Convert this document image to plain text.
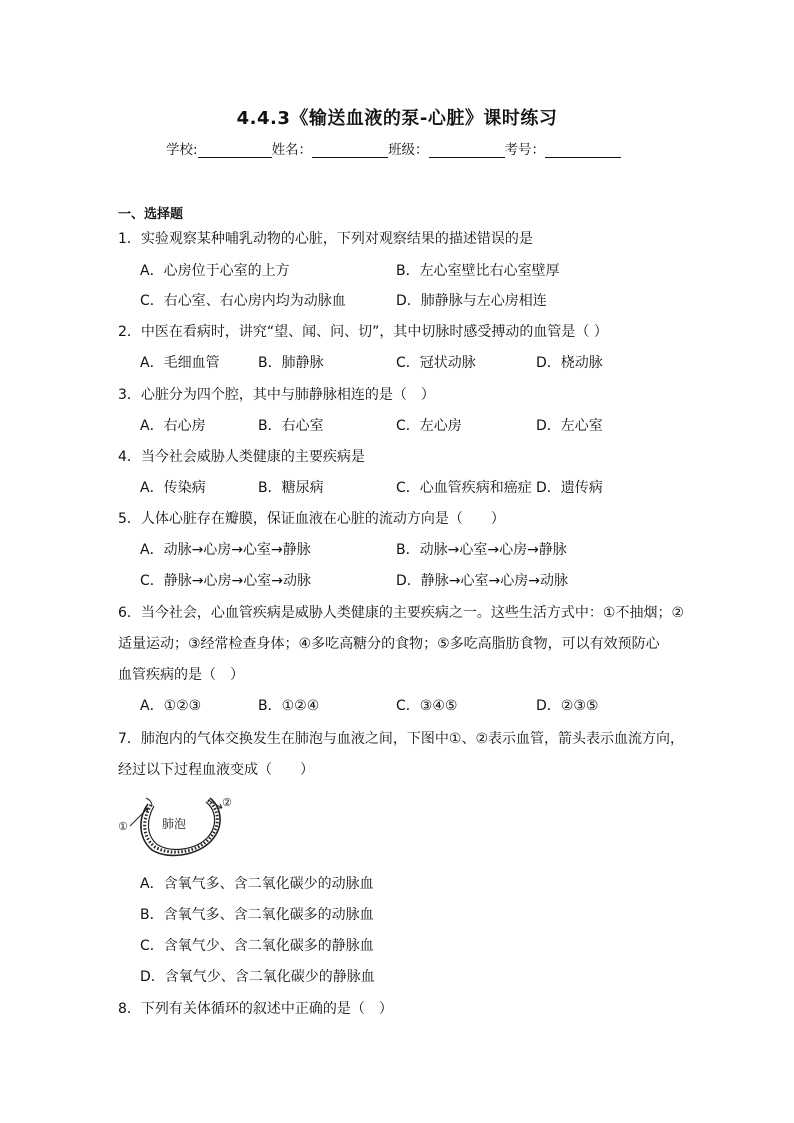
4.4.3《输送血液的泵-心脏》课时练习
学校:	姓名：	班级：	考号：
一、选择题
1．实验观察某种哺乳动物的心脏，下列对观察结果的描述错误的是
A．心房位于心室的上方	B．左心室壁比右心室壁厚
C．右心室、右心房内均为动脉血	D．肺静脉与左心房相连
2．中医在看病时，讲究“望、闻、问、切”，其中切脉时感受搏动的血管是（ ）
A．毛细血管	B．肺静脉	C．冠状动脉	D．桡动脉
3．心脏分为四个腔，其中与肺静脉相连的是（　）
A．右心房	B．右心室	C．左心房	D．左心室
4．当今社会威胁人类健康的主要疾病是
A．传染病	B．糖尿病	C．心血管疾病和癌症 D．遗传病
5．人体心脏存在瓣膜，保证血液在心脏的流动方向是（　　）
A．动脉→心房→心室→静脉	B．动脉→心室→心房→静脉
C．静脉→心房→心室→动脉	D．静脉→心室→心房→动脉
6．当今社会，心血管疾病是威胁人类健康的主要疾病之一。这些生活方式中：①不抽烟；②
适量运动；③经常检查身体；④多吃高糖分的食物；⑤多吃高脂肪食物，可以有效预防心
血管疾病的是（　）
A．①②③	B．①②④	C．③④⑤	D．②③⑤
7．肺泡内的气体交换发生在肺泡与血液之间，下图中①、②表示血管，箭头表示血流方向，
经过以下过程血液变成（　　）
①
②
肺泡
A．含氧气多、含二氧化碳少的动脉血
B．含氧气多、含二氧化碳多的动脉血
C．含氧气少、含二氧化碳多的静脉血
D．含氧气少、含二氧化碳少的静脉血
8．下列有关体循环的叙述中正确的是（　）
